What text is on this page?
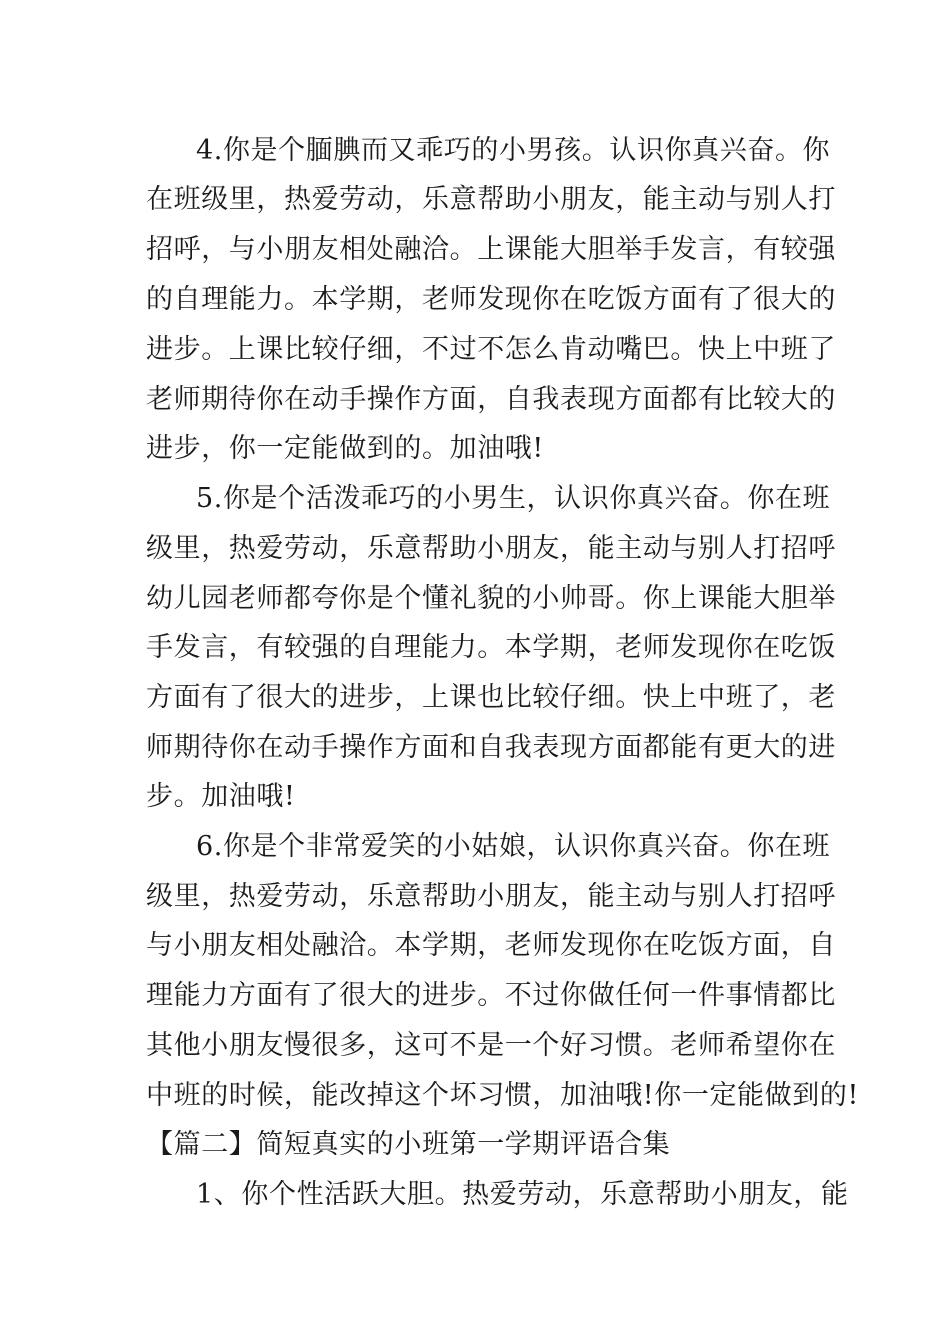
4.你是个腼腆而又乖巧的小男孩。认识你真兴奋。你
在班级里，热爱劳动，乐意帮助小朋友，能主动与别人打
招呼，与小朋友相处融洽。上课能大胆举手发言，有较强
的自理能力。本学期，老师发现你在吃饭方面有了很大的
进步。上课比较仔细，不过不怎么肯动嘴巴。快上中班了
老师期待你在动手操作方面，自我表现方面都有比较大的
进步，你一定能做到的。加油哦!
5.你是个活泼乖巧的小男生，认识你真兴奋。你在班
级里，热爱劳动，乐意帮助小朋友，能主动与别人打招呼
幼儿园老师都夸你是个懂礼貌的小帅哥。你上课能大胆举
手发言，有较强的自理能力。本学期，老师发现你在吃饭
方面有了很大的进步，上课也比较仔细。快上中班了，老
师期待你在动手操作方面和自我表现方面都能有更大的进
步。加油哦!
6.你是个非常爱笑的小姑娘，认识你真兴奋。你在班
级里，热爱劳动，乐意帮助小朋友，能主动与别人打招呼
与小朋友相处融洽。本学期，老师发现你在吃饭方面，自
理能力方面有了很大的进步。不过你做任何一件事情都比
其他小朋友慢很多，这可不是一个好习惯。老师希望你在
中班的时候，能改掉这个坏习惯，加油哦!你一定能做到的!
【篇二】简短真实的小班第一学期评语合集
1、你个性活跃大胆。热爱劳动，乐意帮助小朋友，能
